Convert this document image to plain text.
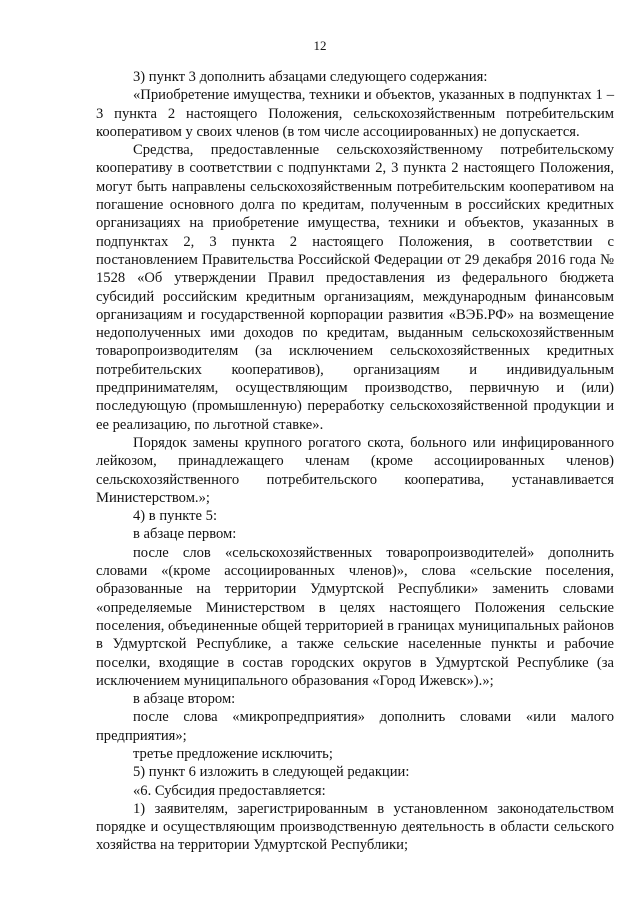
12

3) пункт 3 дополнить абзацами следующего содержания:

«Приобретение имущества, техники и объектов, указанных в подпунктах 1 – 3 пункта 2 настоящего Положения, сельскохозяйственным потребительским кооперативом у своих членов (в том числе ассоциированных) не допускается.

Средства, предоставленные сельскохозяйственному потребительскому кооперативу в соответствии с подпунктами 2, 3 пункта 2 настоящего Положения, могут быть направлены сельскохозяйственным потребительским кооперативом на погашение основного долга по кредитам, полученным в российских кредитных организациях на приобретение имущества, техники и объектов, указанных в подпунктах 2, 3 пункта 2 настоящего Положения, в соответствии с постановлением Правительства Российской Федерации от 29 декабря 2016 года № 1528 «Об утверждении Правил предоставления из федерального бюджета субсидий российским кредитным организациям, международным финансовым организациям и государственной корпорации развития «ВЭБ.РФ» на возмещение недополученных ими доходов по кредитам, выданным сельскохозяйственным товаропроизводителям (за исключением сельскохозяйственных кредитных потребительских кооперативов), организациям и индивидуальным предпринимателям, осуществляющим производство, первичную и (или) последующую (промышленную) переработку сельскохозяйственной продукции и ее реализацию, по льготной ставке».

Порядок замены крупного рогатого скота, больного или инфицированного лейкозом, принадлежащего членам (кроме ассоциированных членов) сельскохозяйственного потребительского кооператива, устанавливается Министерством.»;

4) в пункте 5:

в абзаце первом:

после слов «сельскохозяйственных товаропроизводителей» дополнить словами «(кроме ассоциированных членов)», слова «сельские поселения, образованные на территории Удмуртской Республики» заменить словами «определяемые Министерством в целях настоящего Положения сельские поселения, объединенные общей территорией в границах муниципальных районов в Удмуртской Республике, а также сельские населенные пункты и рабочие поселки, входящие в состав городских округов в Удмуртской Республике (за исключением муниципального образования «Город Ижевск»).»;

в абзаце втором:

после слова «микропредприятия» дополнить словами «или малого предприятия»;

третье предложение исключить;

5) пункт 6 изложить в следующей редакции:

«6. Субсидия предоставляется:

1) заявителям, зарегистрированным в установленном законодательством порядке и осуществляющим производственную деятельность в области сельского хозяйства на территории Удмуртской Республики;
